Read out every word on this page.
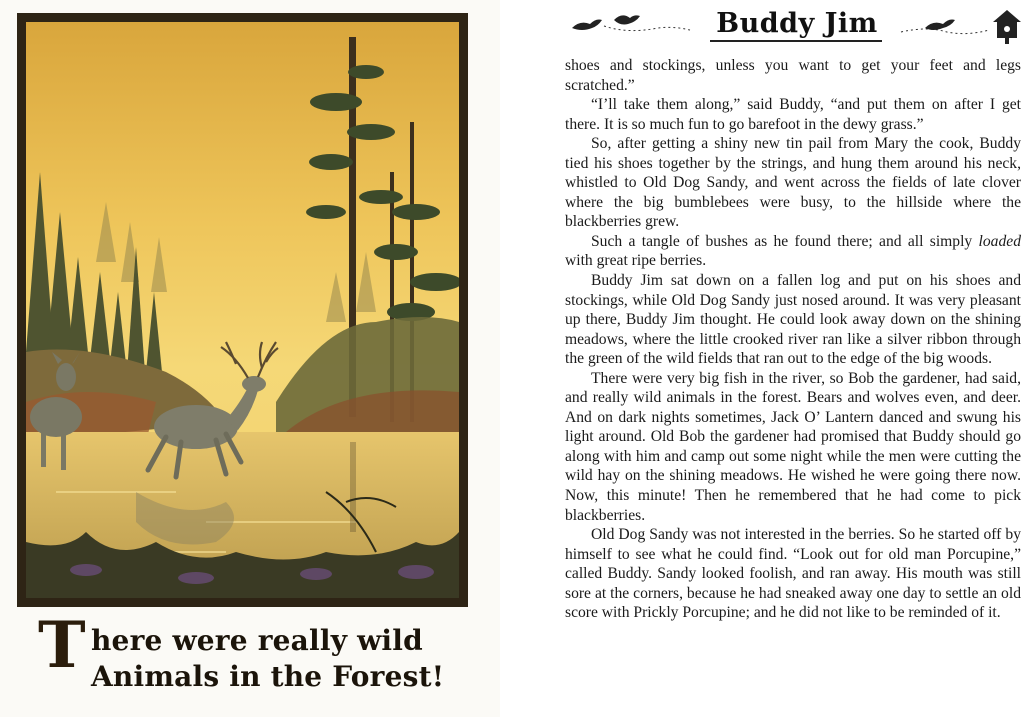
T here were really wild
Animals in the Forest!
Buddy Jim

shoes and stockings, unless you want to get your feet and legs scratched.”

“I’ll take them along,” said Buddy, “and put them on after I get there. It is so much fun to go barefoot in the dewy grass.”

So, after getting a shiny new tin pail from Mary the cook, Buddy tied his shoes together by the strings, and hung them around his neck, whistled to Old Dog Sandy, and went across the fields of late clover where the big bumblebees were busy, to the hillside where the blackberries grew.

Such a tangle of bushes as he found there; and all simply loaded with great ripe berries.

Buddy Jim sat down on a fallen log and put on his shoes and stockings, while Old Dog Sandy just nosed around. It was very pleasant up there, Buddy Jim thought. He could look away down on the shining meadows, where the little crooked river ran like a silver ribbon through the green of the wild fields that ran out to the edge of the big woods.

There were very big fish in the river, so Bob the gardener, had said, and really wild animals in the forest. Bears and wolves even, and deer. And on dark nights sometimes, Jack O’ Lantern danced and swung his light around. Old Bob the gardener had promised that Buddy should go along with him and camp out some night while the men were cutting the wild hay on the shining meadows. He wished he were going there now. Now, this minute! Then he remembered that he had come to pick blackberries.

Old Dog Sandy was not interested in the berries. So he started off by himself to see what he could find. “Look out for old man Porcupine,” called Buddy. Sandy looked foolish, and ran away. His mouth was still sore at the corners, because he had sneaked away one day to settle an old score with Prickly Porcupine; and he did not like to be reminded of it.
